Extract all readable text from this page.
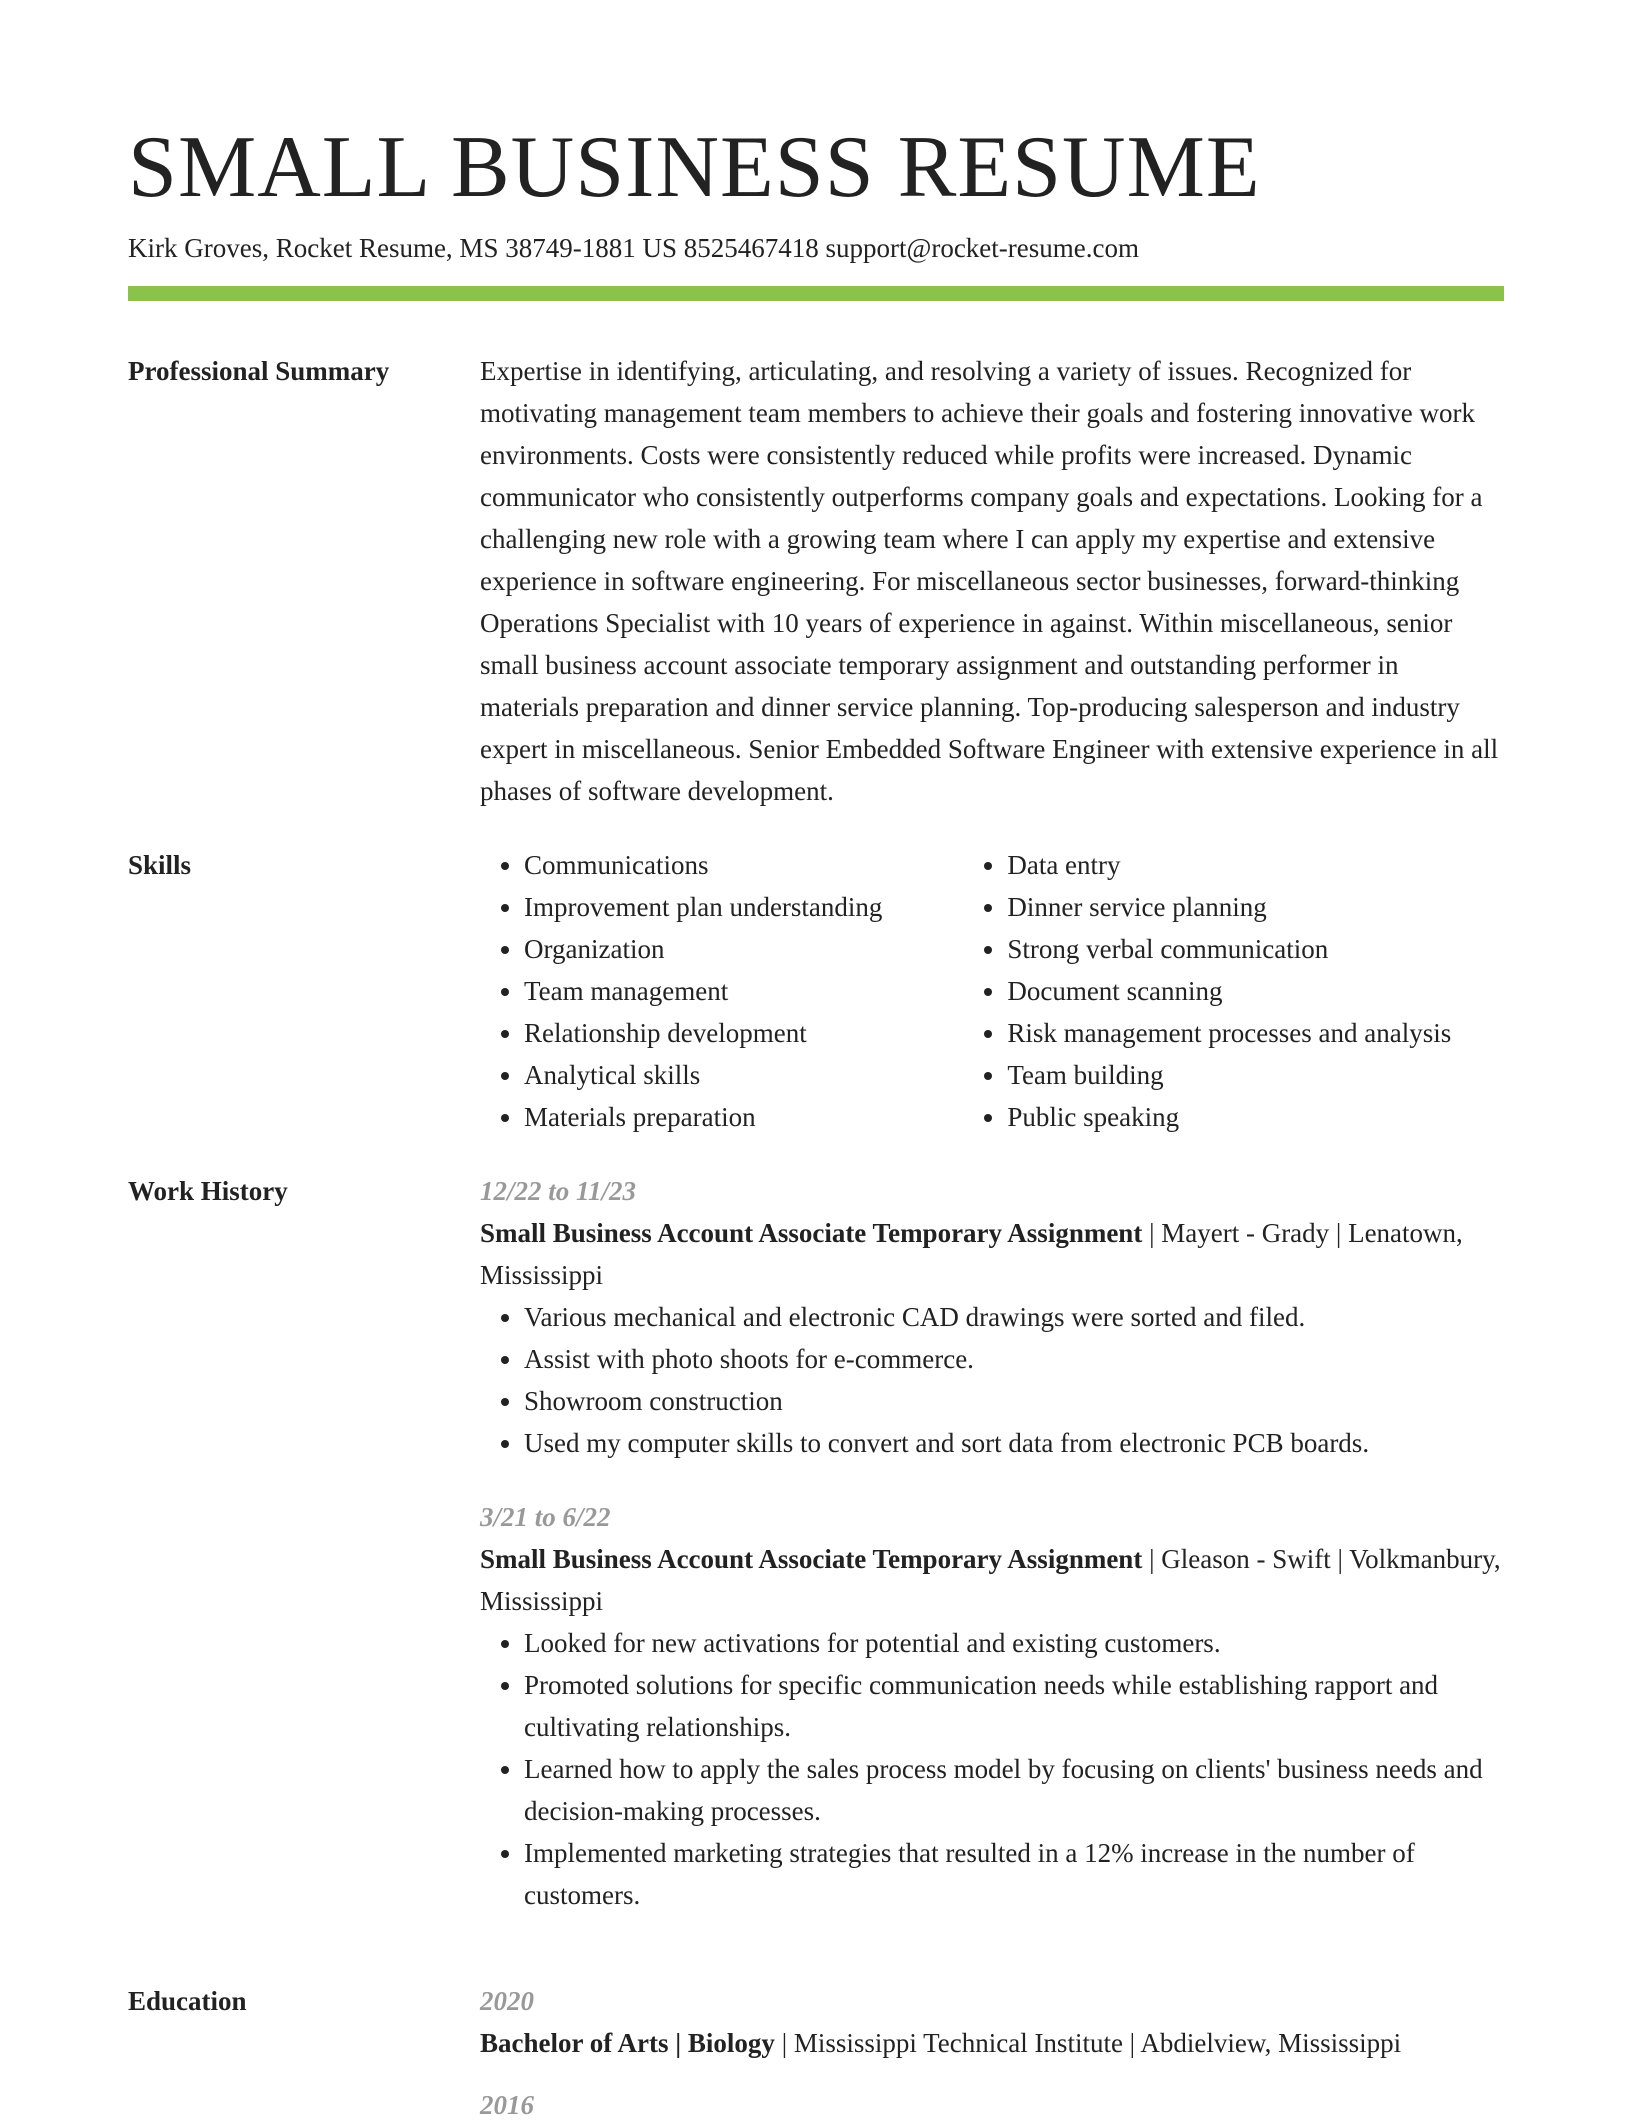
SMALL BUSINESS RESUME
Kirk Groves, Rocket Resume, MS 38749-1881 US 8525467418 support@rocket-resume.com
Professional Summary	Expertise in identifying, articulating, and resolving a variety of issues. Recognized for motivating management team members to achieve their goals and fostering innovative work environments. Costs were consistently reduced while profits were increased. Dynamic communicator who consistently outperforms company goals and expectations. Looking for a challenging new role with a growing team where I can apply my expertise and extensive experience in software engineering. For miscellaneous sector businesses, forward-thinking Operations Specialist with 10 years of experience in against. Within miscellaneous, senior small business account associate temporary assignment and outstanding performer in materials preparation and dinner service planning. Top-producing salesperson and industry expert in miscellaneous. Senior Embedded Software Engineer with extensive experience in all phases of software development.

Skills
•	Communications
• Improvement plan understanding
• Organization
• Team management
• Relationship development
• Analytical skills
• Materials preparation
• Data entry
• Dinner service planning
• Strong verbal communication
• Document scanning
• Risk management processes and analysis
• Team building
• Public speaking
Work History	12/22 to 11/23
Small Business Account Associate Temporary Assignment | Mayert - Grady | Lenatown, Mississippi
• Various mechanical and electronic CAD drawings were sorted and filed.
• Assist with photo shoots for e-commerce.
• Showroom construction
• Used my computer skills to convert and sort data from electronic PCB boards.
3/21 to 6/22
Small Business Account Associate Temporary Assignment | Gleason - Swift | Volkmanbury, Mississippi
• Looked for new activations for potential and existing customers.
• Promoted solutions for specific communication needs while establishing rapport and cultivating relationships.
• Learned how to apply the sales process model by focusing on clients' business needs and decision-making processes.
• Implemented marketing strategies that resulted in a 12% increase in the number of customers.
Education	2020
Bachelor of Arts | Biology | Mississippi Technical Institute | Abdielview, Mississippi
2016
